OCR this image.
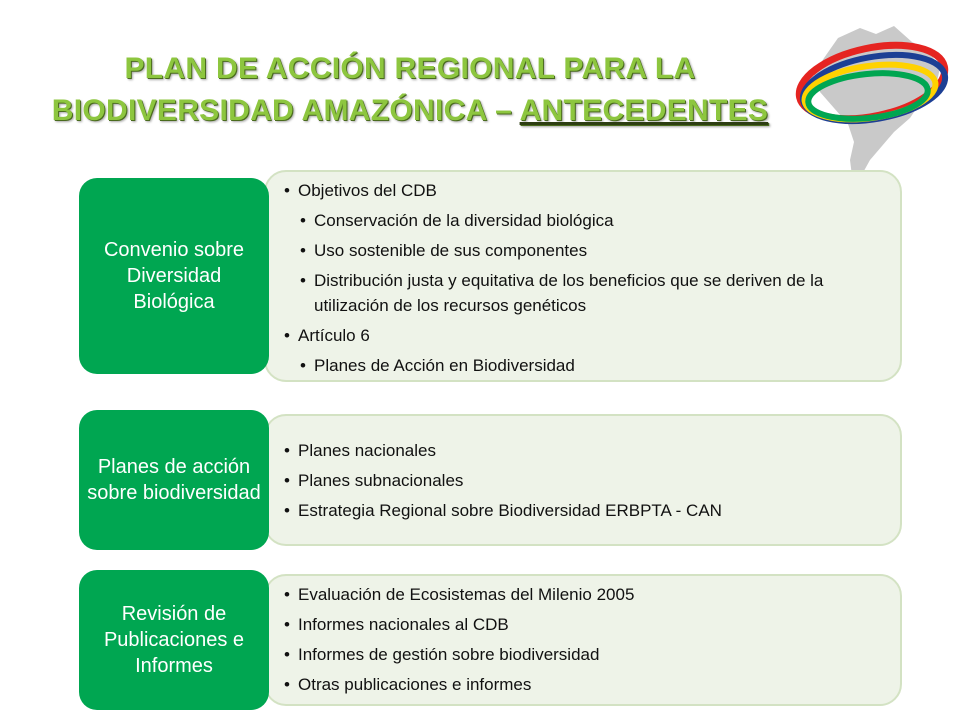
PLAN DE ACCIÓN REGIONAL PARA LA
BIODIVERSIDAD AMAZÓNICA – ANTECEDENTES
• Objetivos del CDB
• Conservación de la diversidad biológica
• Uso sostenible de sus componentes
• Distribución justa y equitativa de los beneficios que se deriven de la utilización de los recursos genéticos
• Artículo 6
• Planes de Acción en Biodiversidad
Convenio sobre Diversidad Biológica
• Planes nacionales
• Planes subnacionales
• Estrategia Regional sobre Biodiversidad ERBPTA - CAN
Planes de acción sobre biodiversidad
• Evaluación de Ecosistemas del Milenio 2005
• Informes nacionales al CDB
• Informes de gestión sobre biodiversidad
• Otras publicaciones e informes
Revisión de Publicaciones e Informes
